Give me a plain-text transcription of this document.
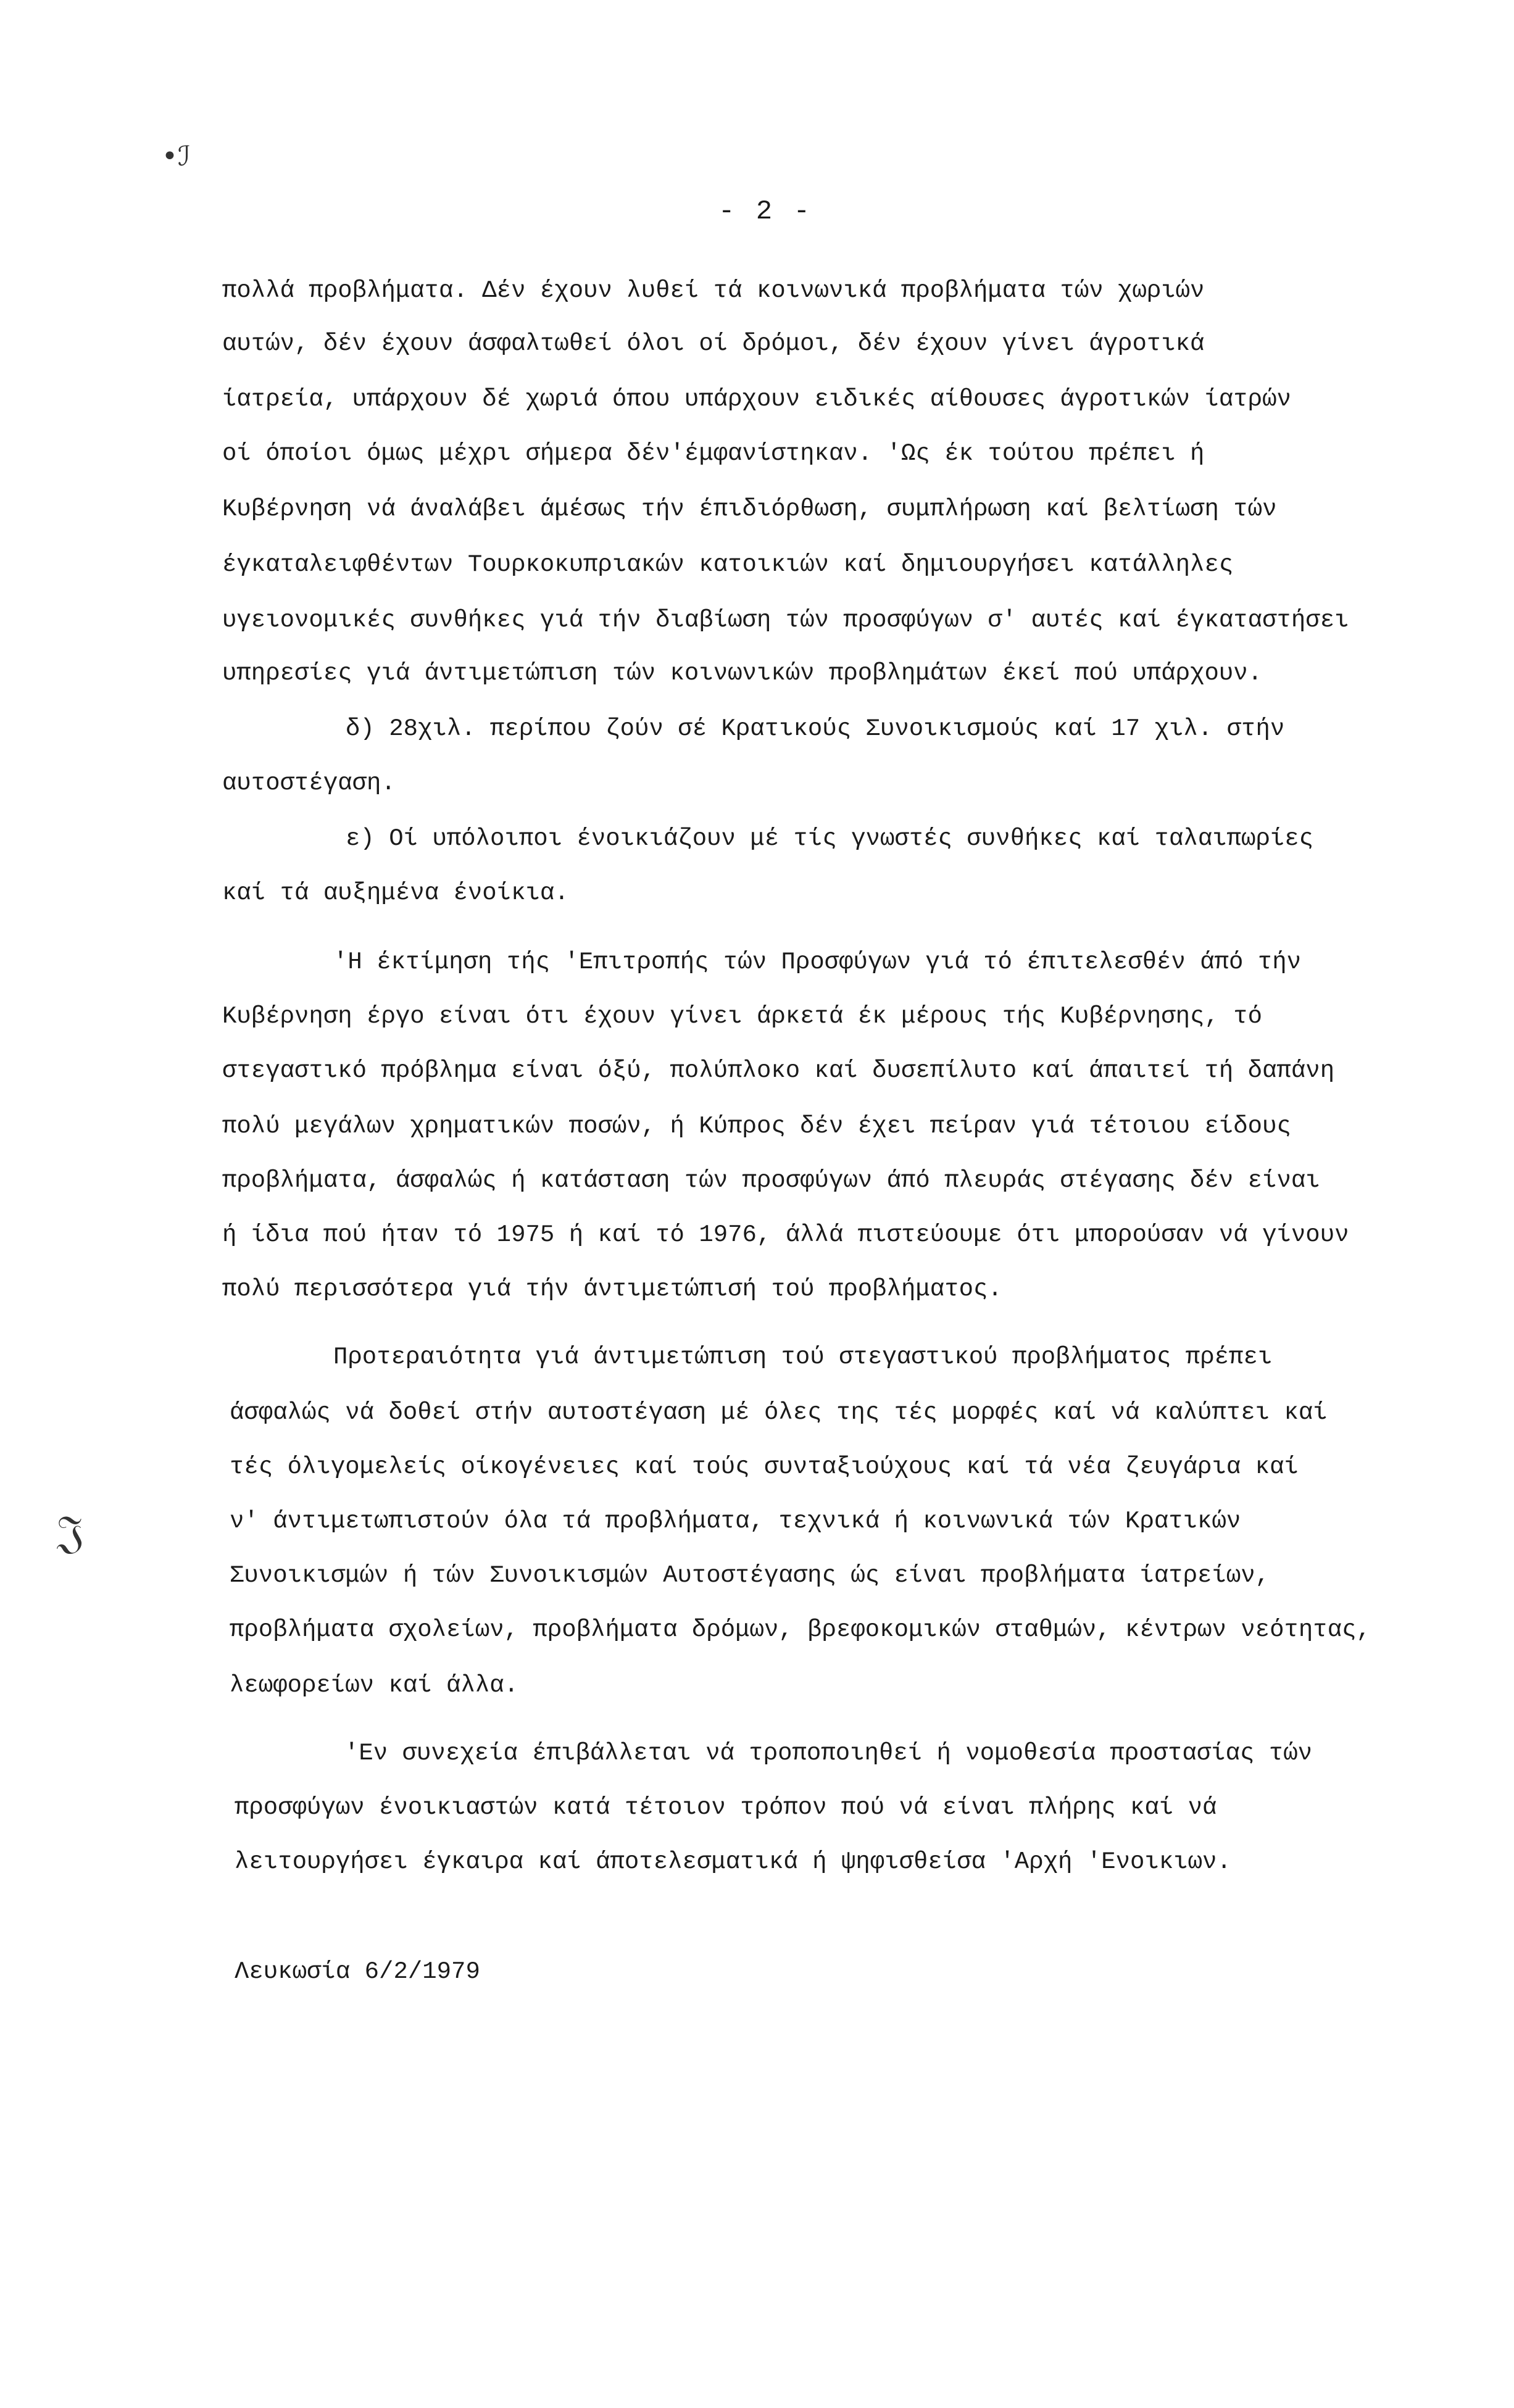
•ℐ
𝔍
- 2 -
πολλά προβλήματα. Δέν έχουν λυθεί τά κοινωνικά προβλήματα τών χωριών
αυτών, δέν έχουν άσφαλτωθεί όλοι οί δρόμοι, δέν έχουν γίνει άγροτικά
ίατρεία, υπάρχουν δέ χωριά όπου υπάρχουν ειδικές αίθουσες άγροτικών ίατρών
οί όποίοι όμως μέχρι σήμερα δέν'έμφανίστηκαν. 'Ως έκ τούτου πρέπει ή
Κυβέρνηση νά άναλάβει άμέσως τήν έπιδιόρθωση, συμπλήρωση καί βελτίωση τών
έγκαταλειφθέντων Τουρκοκυπριακών κατοικιών καί δημιουργήσει κατάλληλες
υγειονομικές συνθήκες γιά τήν διαβίωση τών προσφύγων σ' αυτές καί έγκαταστήσει
υπηρεσίες γιά άντιμετώπιση τών κοινωνικών προβλημάτων έκεί πού υπάρχουν.
δ) 28χιλ. περίπου ζούν σέ Κρατικούς Συνοικισμούς καί 17 χιλ. στήν
αυτοστέγαση.
ε) Οί υπόλοιποι ένοικιάζουν μέ τίς γνωστές συνθήκες καί ταλαιπωρίες
καί τά αυξημένα ένοίκια.
'Η έκτίμηση τής 'Επιτροπής τών Προσφύγων γιά τό έπιτελεσθέν άπό τήν
Κυβέρνηση έργο είναι ότι έχουν γίνει άρκετά έκ μέρους τής Κυβέρνησης, τό
στεγαστικό πρόβλημα είναι όξύ, πολύπλοκο καί δυσεπίλυτο καί άπαιτεί τή δαπάνη
πολύ μεγάλων χρηματικών ποσών, ή Κύπρος δέν έχει πείραν γιά τέτοιου είδους
προβλήματα, άσφαλώς ή κατάσταση τών προσφύγων άπό πλευράς στέγασης δέν είναι
ή ίδια πού ήταν τό 1975 ή καί τό 1976, άλλά πιστεύουμε ότι μπορούσαν νά γίνουν
πολύ περισσότερα γιά τήν άντιμετώπισή τού προβλήματος.
Προτεραιότητα γιά άντιμετώπιση τού στεγαστικού προβλήματος πρέπει
άσφαλώς νά δοθεί στήν αυτοστέγαση μέ όλες της τές μορφές καί νά καλύπτει καί
τές όλιγομελείς οίκογένειες καί τούς συνταξιούχους καί τά νέα ζευγάρια καί
ν' άντιμετωπιστούν όλα τά προβλήματα, τεχνικά ή κοινωνικά τών Κρατικών
Συνοικισμών ή τών Συνοικισμών Αυτοστέγασης ώς είναι προβλήματα ίατρείων,
προβλήματα σχολείων, προβλήματα δρόμων, βρεφοκομικών σταθμών, κέντρων νεότητας,
λεωφορείων καί άλλα.
'Εν συνεχεία έπιβάλλεται νά τροποποιηθεί ή νομοθεσία προστασίας τών
προσφύγων ένοικιαστών κατά τέτοιον τρόπον πού νά είναι πλήρης καί νά
λειτουργήσει έγκαιρα καί άποτελεσματικά ή ψηφισθείσα 'Αρχή 'Ενοικιων.
Λευκωσία 6/2/1979
